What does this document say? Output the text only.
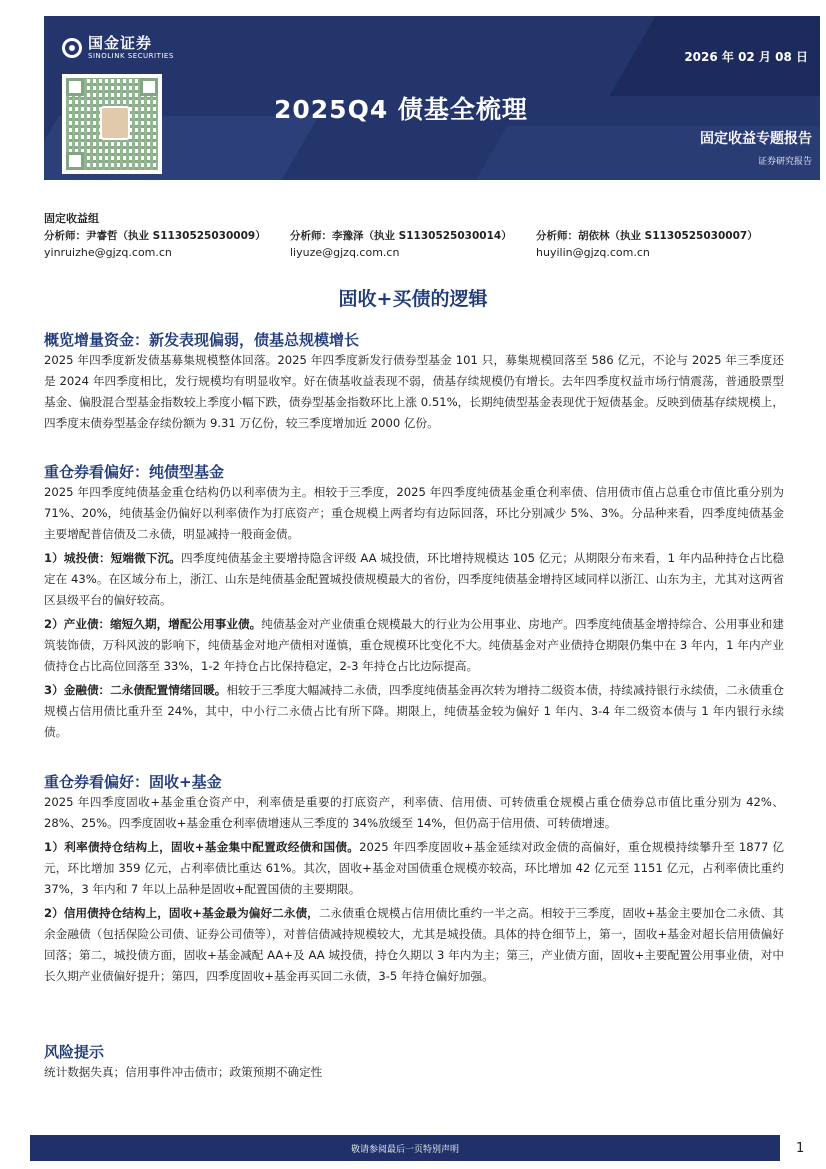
国金证券
SINOLINK SECURITIES	2026 年 02 月 08 日
2025Q4 债基全梳理
固定收益专题报告
证券研究报告
固定收益组
分析师：尹睿哲（执业 S1130525030009）
yinruizhe@gjzq.com.cn
分析师：李豫泽（执业 S1130525030014）
liyuze@gjzq.com.cn
分析师：胡依林（执业 S1130525030007）
huyilin@gjzq.com.cn
固收+买债的逻辑
概览增量资金：新发表现偏弱，债基总规模增长

2025 年四季度新发债基募集规模整体回落。2025 年四季度新发行债券型基金 101 只，募集规模回落至 586 亿元，不论与 2025 年三季度还是 2024 年四季度相比，发行规模均有明显收窄。好在债基收益表现不弱，债基存续规模仍有增长。去年四季度权益市场行情震荡，普通股票型基金、偏股混合型基金指数较上季度小幅下跌，债券型基金指数环比上涨 0.51%，长期纯债型基金表现优于短债基金。反映到债基存续规模上，四季度末债券型基金存续份额为 9.31 万亿份，较三季度增加近 2000 亿份。

重仓券看偏好：纯债型基金

2025 年四季度纯债基金重仓结构仍以利率债为主。相较于三季度，2025 年四季度纯债基金重仓利率债、信用债市值占总重仓市值比重分别为 71%、20%，纯债基金仍偏好以利率债作为打底资产；重仓规模上两者均有边际回落，环比分别减少 5%、3%。分品种来看，四季度纯债基金主要增配普信债及二永债，明显减持一般商金债。

1）城投债：短端微下沉。四季度纯债基金主要增持隐含评级 AA 城投债，环比增持规模达 105 亿元；从期限分布来看，1 年内品种持仓占比稳定在 43%。在区域分布上，浙江、山东是纯债基金配置城投债规模最大的省份，四季度纯债基金增持区域同样以浙江、山东为主，尤其对这两省区县级平台的偏好较高。

2）产业债：缩短久期，增配公用事业债。纯债基金对产业债重仓规模最大的行业为公用事业、房地产。四季度纯债基金增持综合、公用事业和建筑装饰债，万科风波的影响下，纯债基金对地产债相对谨慎，重仓规模环比变化不大。纯债基金对产业债持仓期限仍集中在 3 年内，1 年内产业债持仓占比高位回落至 33%，1-2 年持仓占比保持稳定，2-3 年持仓占比边际提高。

3）金融债：二永债配置情绪回暖。相较于三季度大幅减持二永债，四季度纯债基金再次转为增持二级资本债，持续减持银行永续债，二永债重仓规模占信用债比重升至 24%，其中，中小行二永债占比有所下降。期限上，纯债基金较为偏好 1 年内、3-4 年二级资本债与 1 年内银行永续债。

重仓券看偏好：固收+基金

2025 年四季度固收+基金重仓资产中，利率债是重要的打底资产，利率债、信用债、可转债重仓规模占重仓债券总市值比重分别为 42%、28%、25%。四季度固收+基金重仓利率债增速从三季度的 34%放缓至 14%，但仍高于信用债、可转债增速。

1）利率债持仓结构上，固收+基金集中配置政经债和国债。2025 年四季度固收+基金延续对政金债的高偏好，重仓规模持续攀升至 1877 亿元，环比增加 359 亿元，占利率债比重达 61%。其次，固收+基金对国债重仓规模亦较高，环比增加 42 亿元至 1151 亿元，占利率债比重约 37%，3 年内和 7 年以上品种是固收+配置国债的主要期限。

2）信用债持仓结构上，固收+基金最为偏好二永债，二永债重仓规模占信用债比重约一半之高。相较于三季度，固收+基金主要加仓二永债、其余金融债（包括保险公司债、证券公司债等），对普信债减持规模较大，尤其是城投债。具体的持仓细节上，第一，固收+基金对超长信用债偏好回落；第二，城投债方面，固收+基金减配 AA+及 AA 城投债，持仓久期以 3 年内为主；第三，产业债方面，固收+主要配置公用事业债，对中长久期产业债偏好提升；第四，四季度固收+基金再买回二永债，3-5 年持仓偏好加强。

风险提示

统计数据失真；信用事件冲击债市；政策预期不确定性

敬请参阅最后一页特别声明	1
